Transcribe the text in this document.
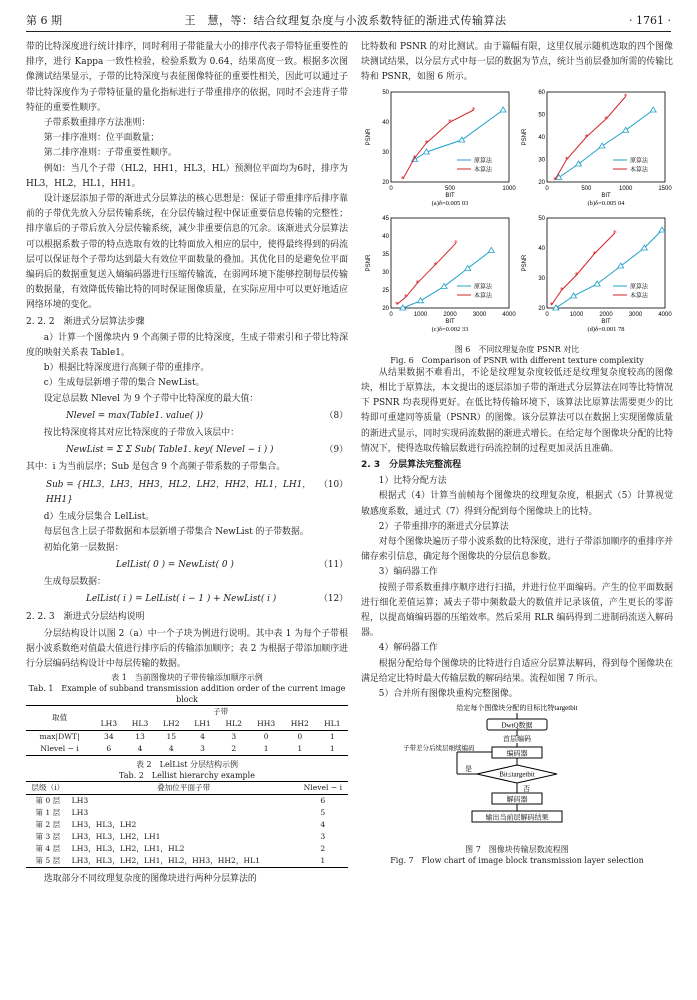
第 6 期	王　慧，等：结合纹理复杂度与小波系数特征的渐进式传输算法	· 1761 ·

带的比特深度进行统计排序，同时利用子带能量大小的排序代表子带特征重要性的排序，进行 Kappa 一致性检验，检验系数为 0.64，结果高度一致。根据多次图像测试结果显示，子带的比特深度与表征图像特征的重要性相关，因此可以通过子带比特深度作为子带特征量的量化指标进行子带重排序的依据，同时不会违背子带特征的重要性顺序。

子带系数重排序方法准则：

第一排序准则：位平面数量；

第二排序准则：子带重要性顺序。

例如：当几个子带（HL2，HH1，HL3，HL）预测位平面均为6时，排序为 HL3，HL2，HL1，HH1。

设计逐层添加子带的渐进式分层算法的核心思想是：保证子带重排序后排序靠前的子带优先放入分层传输系统，在分层传输过程中保证重要信息传输的完整性；排序靠后的子带后放入分层传输系统，减少非重要信息的冗余。该渐进式分层算法可以根据系数子带的特点选取有效的比特面放入相应的层中，使得最终得到的码流层可以保证每个子带均达到最大有效位平面数量的叠加。其优化目的是避免位平面编码后的数据重复送入熵编码器进行压缩传输流，在弱网环境下能够控制每层传输的数据量，有效降低传输比特的同时保证图像质量，在实际应用中可以更好地适应网络环境的变化。

2. 2. 2　渐进式分层算法步骤

a）计算一个图像块内 9 个高频子带的比特深度，生成子带索引和子带比特深度的映射关系表 Table1。

b）根据比特深度进行高频子带的重排序。

c）生成每层新增子带的集合 NewList。

设定总层数 Nlevel 为 9 个子带中比特深度的最大值：

Nlevel = max(Table1. value( ))	（8）

按比特深度将其对应比特深度的子带放入该层中：

NewList = Σ Σ Sub( Table1. key( Nlevel − i ) )	（9）

其中：i 为当前层序；Sub 是包含 9 个高频子带系数的子带集合。

Sub = {HL3，LH3，HH3，HL2，LH2，HH2，HL1，LH1，HH1}
（10）

d）生成分层集合 LelList。

每层包含上层子带数据和本层新增子带集合 NewList 的子带数据。

初始化第一层数据：

LelList( 0 ) = NewList( 0 )	（11）

生成每层数据：

LelList( i ) = LelList( i − 1 ) + NewList( i )	（12）
2. 2. 3　渐进式分层结构说明

分层结构设计以图 2（a）中一个子块为例进行说明。其中表 1 为每个子带根据小波系数绝对值最大值进行排序后的传输添加顺序；表 2 为根据子带添加顺序进行分层编码结构设计中每层传输的数据。

表 1　当前图像块的子带传输添加顺序示例
Tab. 1　Example of subband transmission addition order of the current image block
取值	子带							
	LH3	HL3	LH2	LH1	HL2	HH3	HH2	HL1
max|DWT|	34	13	15	4	3	0	0	1
Nlevel − i	6	4	4	3	2	1	1	1
表 2　LelList 分层结构示例
Tab. 2　Lellist hierarchy example
层级（i）	叠加位平面子带	Nlevel − i
第 0 层	LH3	6
第 1 层	LH3	5
第 2 层	LH3，HL3，LH2	4
第 3 层	LH3，HL3，LH2，LH1	3
第 4 层	LH3，HL3，LH2，LH1，HL2	2
第 5 层	LH3，HL3，LH2，LH1，HL2，HH3，HH2，HL1	1

选取部分不同纹理复杂度的图像块进行两种分层算法的

比特数和 PSNR 的对比测试。由于篇幅有限，这里仅展示随机选取的四个图像块测试结果，以分层方式中每一层的数据为节点，统计当前层叠加所需的传输比特和 PSNR，如图 6 所示。

0	500	1000
20
30
40
50
BIT
PSNR
(a)δ=0.005 03
原算法
*
*
*
*
*
本算法
0	500	1000	1500
20
30
40
50
60
BIT
PSNR
(b)δ=0.005 04
原算法
*
*
*
*
*
本算法
0	1000	2000	3000	4000
20
25
30
35
40
45
BIT
PSNR
(c)δ=0.002 33
原算法
*
*
*
*
*
本算法
0	1000	2000	3000	4000
20
30
40
50
BIT
PSNR
(d)δ=0.001 78
原算法
*
*
*
*
*
本算法
图 6　不同纹理复杂度 PSNR 对比
Fig. 6　Comparison of PSNR with different texture complexity

从结果数据不难看出，不论是纹理复杂度较低还是纹理复杂度较高的图像块，相比于原算法，本文提出的逐层添加子带的渐进式分层算法在同等比特情况下 PSNR 均表现得更好。在低比特传输环境下，该算法比原算法需要更少的比特即可重建同等质量（PSNR）的图像。该分层算法可以在数据上实现图像质量的渐进式显示，同时实现码流数据的渐进式增长。在给定每个图像块分配的比特情况下，使得选取传输层数进行码流控制的过程更加灵活且准确。

2. 3　分层算法完整流程

1）比特分配方法

根据式（4）计算当前帧每个图像块的纹理复杂度，根据式（5）计算视觉敏感度系数，通过式（7）得到分配到每个图像块上的比特。

2）子带重排序的渐进式分层算法

对每个图像块遍历子带小波系数的比特深度，进行子带添加顺序的重排序并储存索引信息，确定每个图像块的分层信息参数。

3）编码器工作

按照子带系数重排序顺序进行扫描，并进行位平面编码。产生的位平面数据进行细化差值运算；减去子带中频数最大的数值并记录该值，产生更长的零游程，以提高熵编码器的压缩效率。然后采用 RLR 编码得到二进制码流送入解码器。

4）解码器工作

根据分配给每个图像块的比特进行自适应分层算法解码，得到每个图像块在满足给定比特时最大传输层数的解码结果。流程如图 7 所示。

5）合并所有图像块重构完整图像。

给定每个图像块分配的目标比特targetbit
DwtQ数据
首层编码
编码器
Bit≤targetbit
是
子带差分后续层细续编码
否
解码器
输出当前层解码结果
图 7　图像块传输层数流程图
Fig. 7　Flow chart of image block transmission layer selection
